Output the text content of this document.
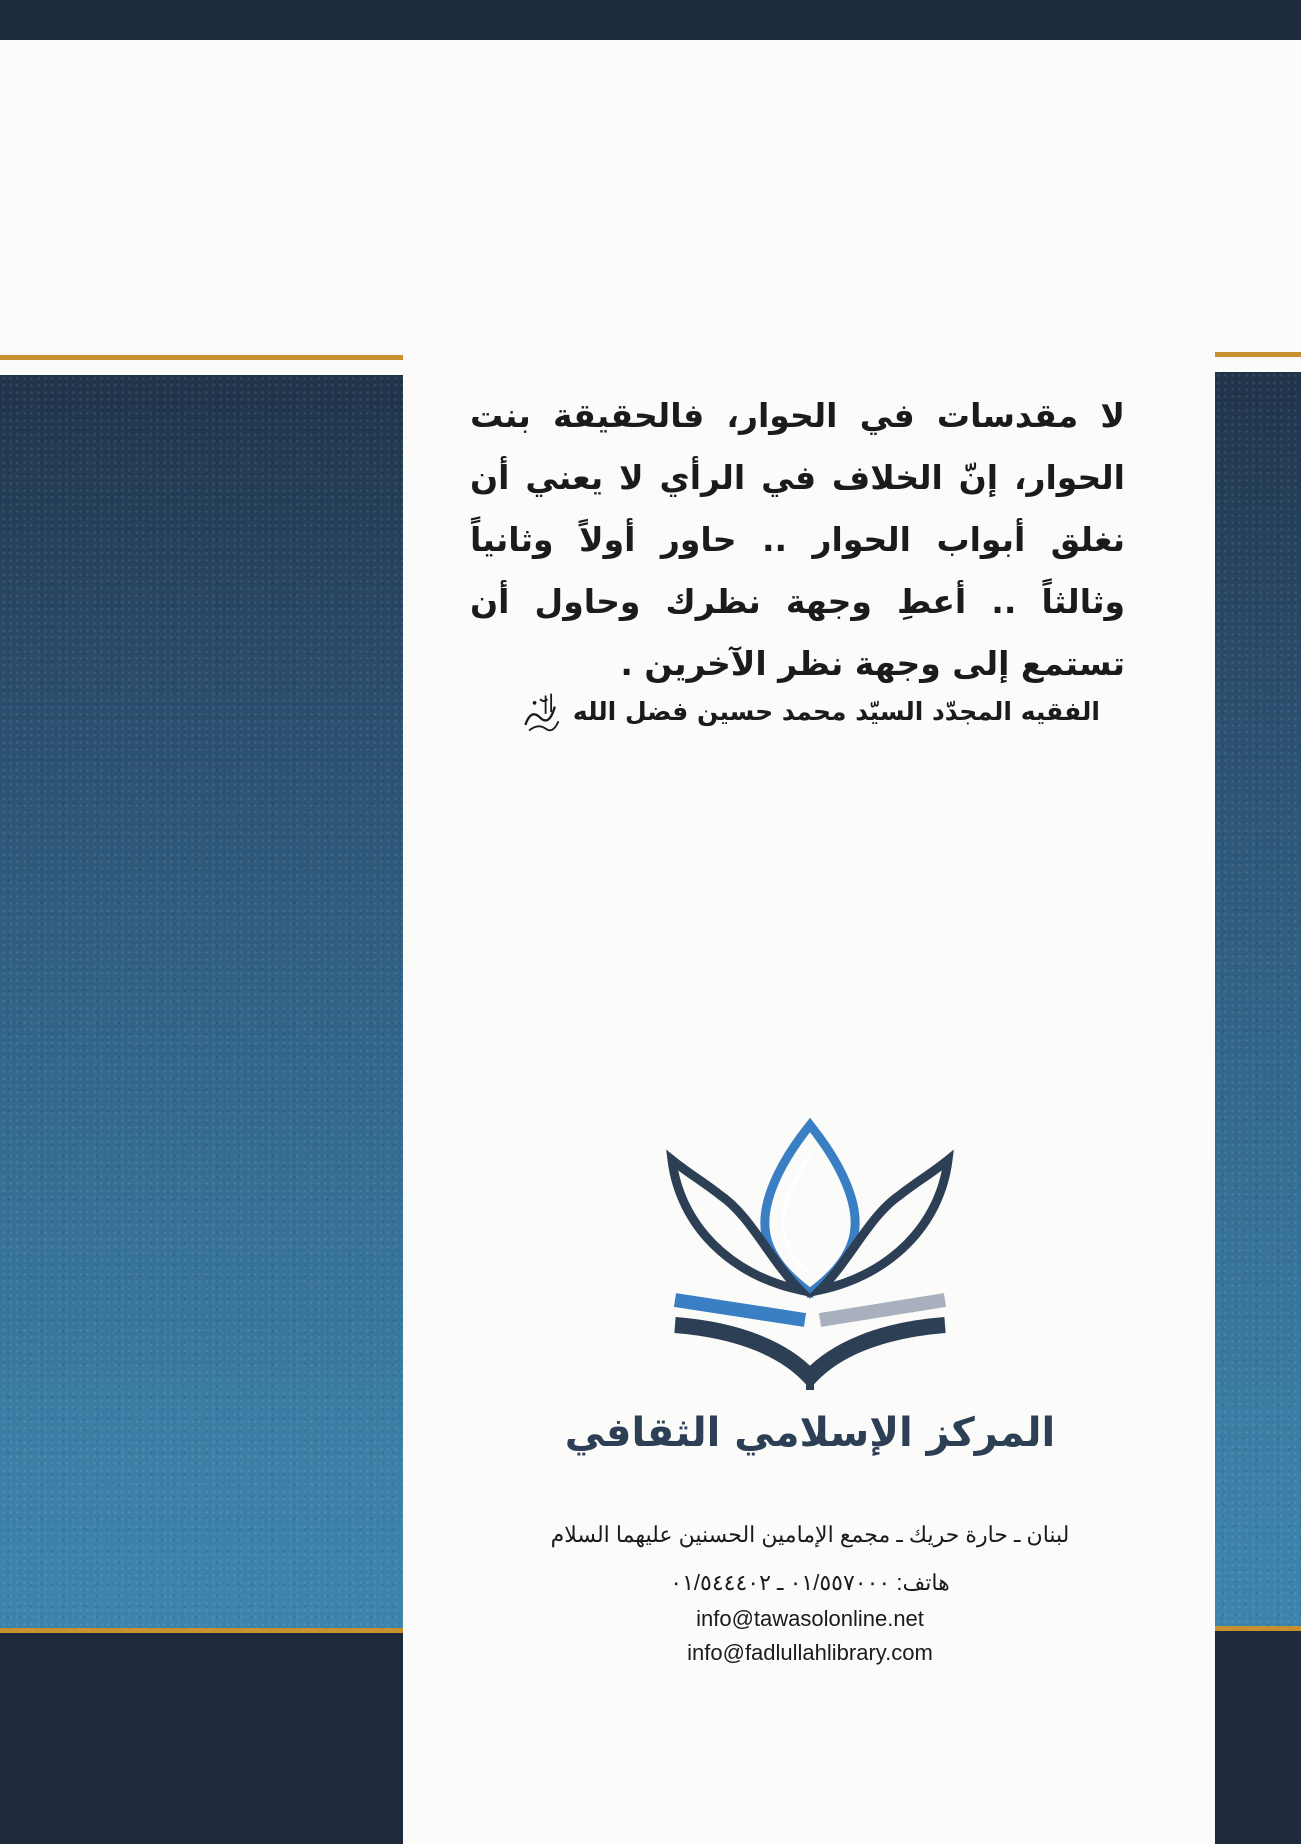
لا مقدسات في الحوار، فالحقيقة بنت الحوار، إنّ الخلاف في الرأي لا يعني أن نغلق أبواب الحوار .. حاور أولاً وثانياً وثالثاً .. أعطِ وجهة نظرك وحاول أن تستمع إلى وجهة نظر الآخرين .

الفقيه المجدّد السيّد محمد حسين فضل الله
المركز الإسلامي الثقافي
لبنان ـ حارة حريك ـ مجمع الإمامين الحسنين عليهما السلام
هاتف: ٠١/٥٥٧٠٠٠ ـ ٠١/٥٤٤٤٠٢
info@tawasolonline.net
info@fadlullahlibrary.com
